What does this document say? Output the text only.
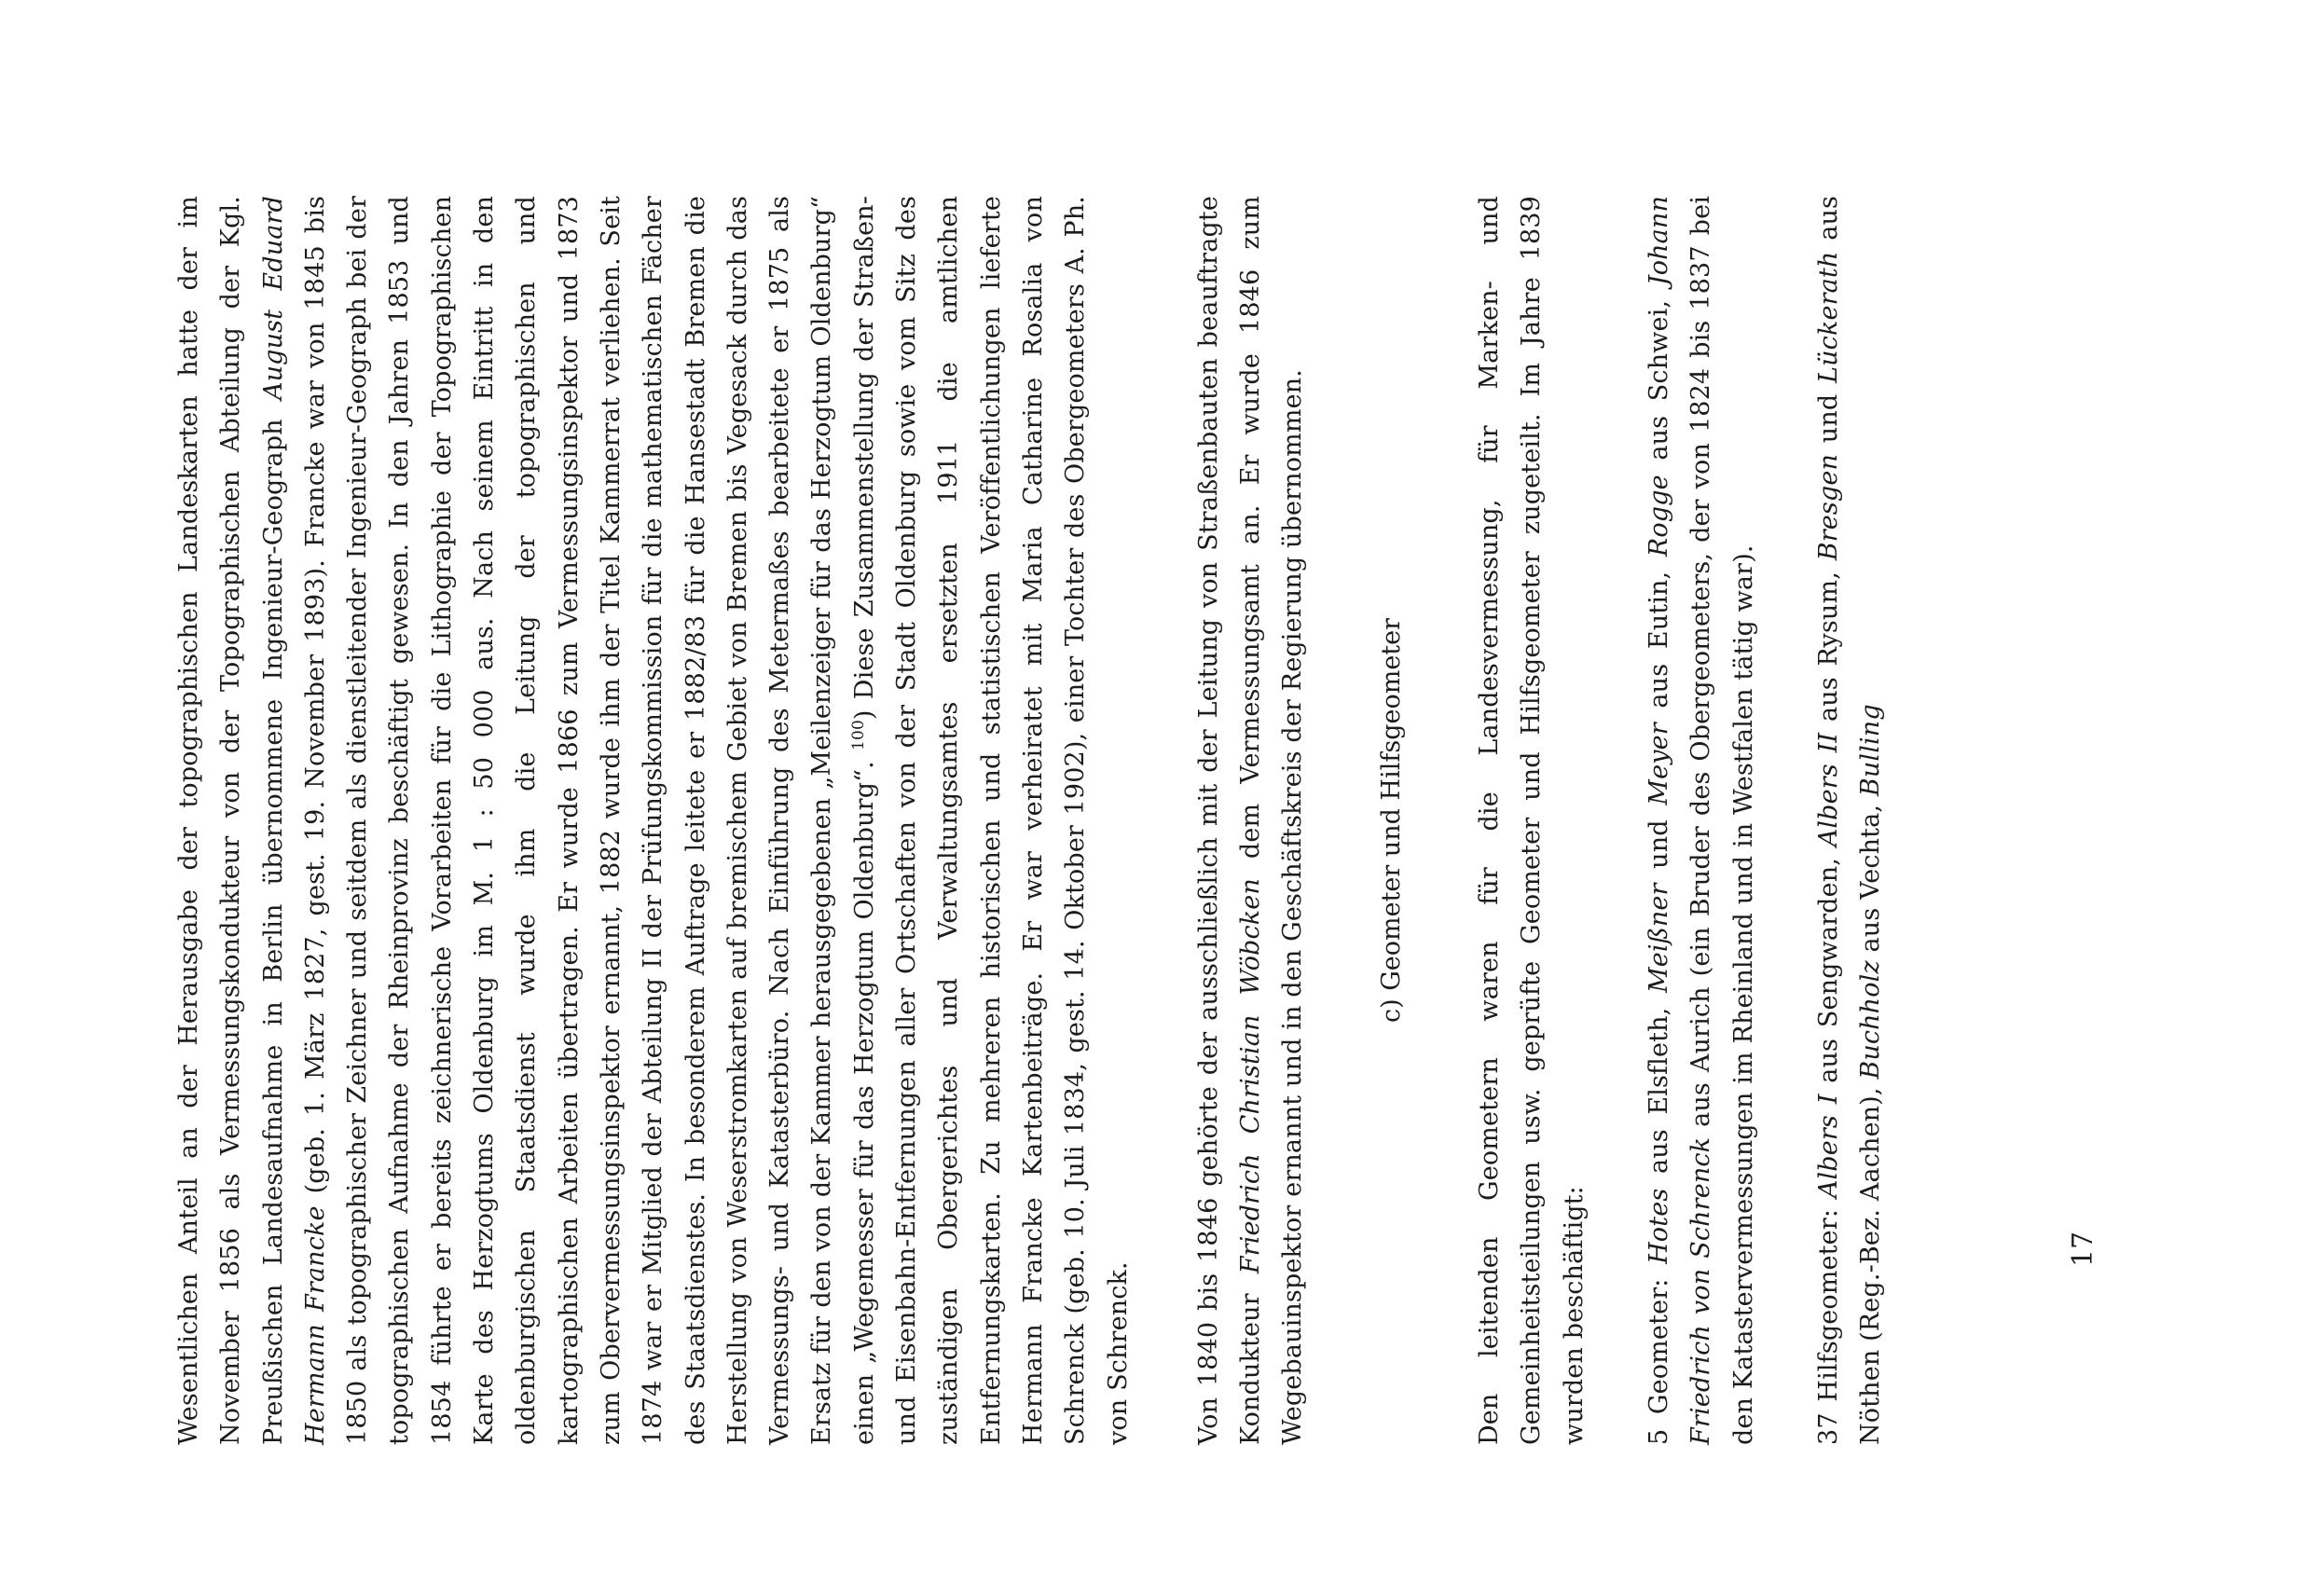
Wesentlichen Anteil an der Herausgabe der topographischen Landeskarten hatte der im November 1856 als Vermessungskondukteur von der Topographischen Abteilung der Kgl. Preußischen Landesaufnahme in Berlin übernommene Ingenieur-Geograph August Eduard Hermann Francke (geb. 1. März 1827, gest. 19. November 1893). Francke war von 1845 bis 1850 als topographischer Zeichner und seitdem als dienstleitender Ingenieur-Geograph bei der topographischen Aufnahme der Rheinprovinz beschäftigt gewesen. In den Jahren 1853 und 1854 führte er bereits zeichnerische Vorarbeiten für die Lithographie der Topographischen Karte des Herzogtums Oldenburg im M. 1 : 50 000 aus. Nach seinem Eintritt in den oldenburgischen Staatsdienst wurde ihm die Leitung der topographischen und kartographischen Arbeiten übertragen. Er wurde 1866 zum Vermessungsinspektor und 1873 zum Obervermessungsinspektor ernannt, 1882 wurde ihm der Titel Kammerrat verliehen. Seit 1874 war er Mitglied der Abteilung II der Prüfungskommission für die mathematischen Fächer des Staatsdienstes. In besonderem Auftrage leitete er 1882/83 für die Hansestadt Bremen die Herstellung von Weserstromkarten auf bremischem Gebiet von Bremen bis Vegesack durch das Vermessungs- und Katasterbüro. Nach Einführung des Metermaßes bearbeitete er 1875 als Ersatz für den von der Kammer herausgegebenen „Meilenzeiger für das Herzogtum Oldenburg“ einen „Wegemesser für das Herzogtum Oldenburg“. $^{100}$) Diese Zusammenstellung der Straßen- und Eisenbahn-Entfernungen aller Ortschaften von der Stadt Oldenburg sowie vom Sitz des zuständigen Obergerichtes und Verwaltungsamtes ersetzten 1911 die amtlichen Entfernungskarten. Zu mehreren historischen und statistischen Veröffentlichungen lieferte Hermann Francke Kartenbeiträge. Er war verheiratet mit Maria Catharine Rosalia von Schrenck (geb. 10. Juli 1834, gest. 14. Oktober 1902), einer Tochter des Obergeometers A. Ph. von Schrenck. Von 1840 bis 1846 gehörte der ausschließlich mit der Leitung von Straßenbauten beauftragte Kondukteur Friedrich Christian Wöbcken dem Vermessungsamt an. Er wurde 1846 zum Wegebauinspektor ernannt und in den Geschäftskreis der Regierung übernommen.	c) Geometer und Hilfsgeometer	Den leitenden Geometern waren für die Landesvermessung, für Marken- und Gemeinheitsteilungen usw. geprüfte Geometer und Hilfsgeometer zugeteilt. Im Jahre 1839 wurden beschäftigt: 5 Geometer: Hotes aus Elsfleth, Meißner und Meyer aus Eutin, Rogge aus Schwei, Johann Friedrich von Schrenck aus Aurich (ein Bruder des Obergeometers, der von 1824 bis 1837 bei den Katastervermessungen im Rheinland und in Westfalen tätig war). 37 Hilfsgeometer: Albers I aus Sengwarden, Albers II aus Rysum, Bresgen und Lückerath aus Nöthen (Reg.-Bez. Aachen), Buchholz aus Vechta, Bulling

17
